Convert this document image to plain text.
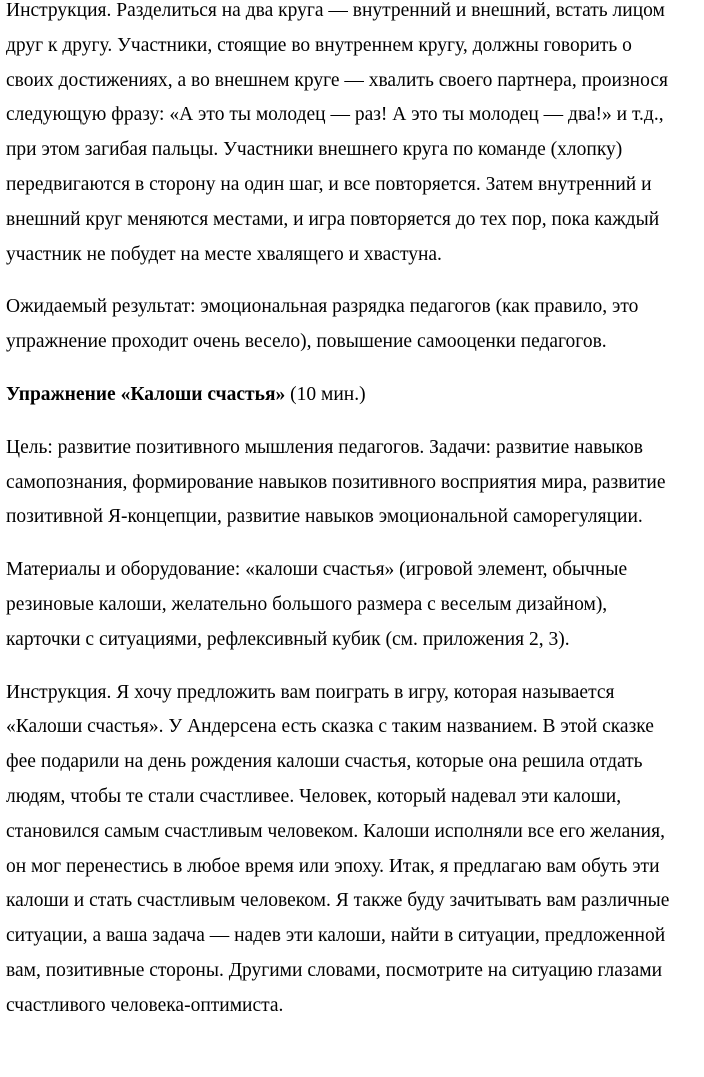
Инструкция. Разделиться на два круга — внутренний и внешний, встать лицом

друг к другу. Участники, стоящие во внутреннем кругу, должны говорить о

своих достижениях, а во внешнем круге — хвалить своего партнера, произнося

следующую фразу: «А это ты молодец — раз! А это ты молодец — два!» и т.д.,

при этом загибая пальцы. Участники внешнего круга по команде (хлопку)

передвигаются в сторону на один шаг, и все повторяется. Затем внутренний и

внешний круг меняются местами, и игра повторяется до тех пор, пока каждый

участник не побудет на месте хвалящего и хвастуна.

Ожидаемый результат: эмоциональная разрядка педагогов (как правило, это

упражнение проходит очень весело), повышение самооценки педагогов.

Упражнение «Калоши счастья» (10 мин.)

Цель: развитие позитивного мышления педагогов. Задачи: развитие навыков

самопознания, формирование навыков позитивного восприятия мира, развитие

позитивной Я-концепции, развитие навыков эмоциональной саморегуляции.

Материалы и оборудование: «калоши счастья» (игровой элемент, обычные

резиновые калоши, желательно большого размера с веселым дизайном),

карточки с ситуациями, рефлексивный кубик (см. приложения 2, 3).

Инструкция. Я хочу предложить вам поиграть в игру, которая называется

«Калоши счастья». У Андерсена есть сказка с таким названием. В этой сказке

фее подарили на день рождения калоши счастья, которые она решила отдать

людям, чтобы те стали счастливее. Человек, который надевал эти калоши,

становился самым счастливым человеком. Калоши исполняли все его желания,

он мог перенестись в любое время или эпоху. Итак, я предлагаю вам обуть эти

калоши и стать счастливым человеком. Я также буду зачитывать вам различные

ситуации, а ваша задача — надев эти калоши, найти в ситуации, предложенной

вам, позитивные стороны. Другими словами, посмотрите на ситуацию глазами

счастливого человека-оптимиста.
